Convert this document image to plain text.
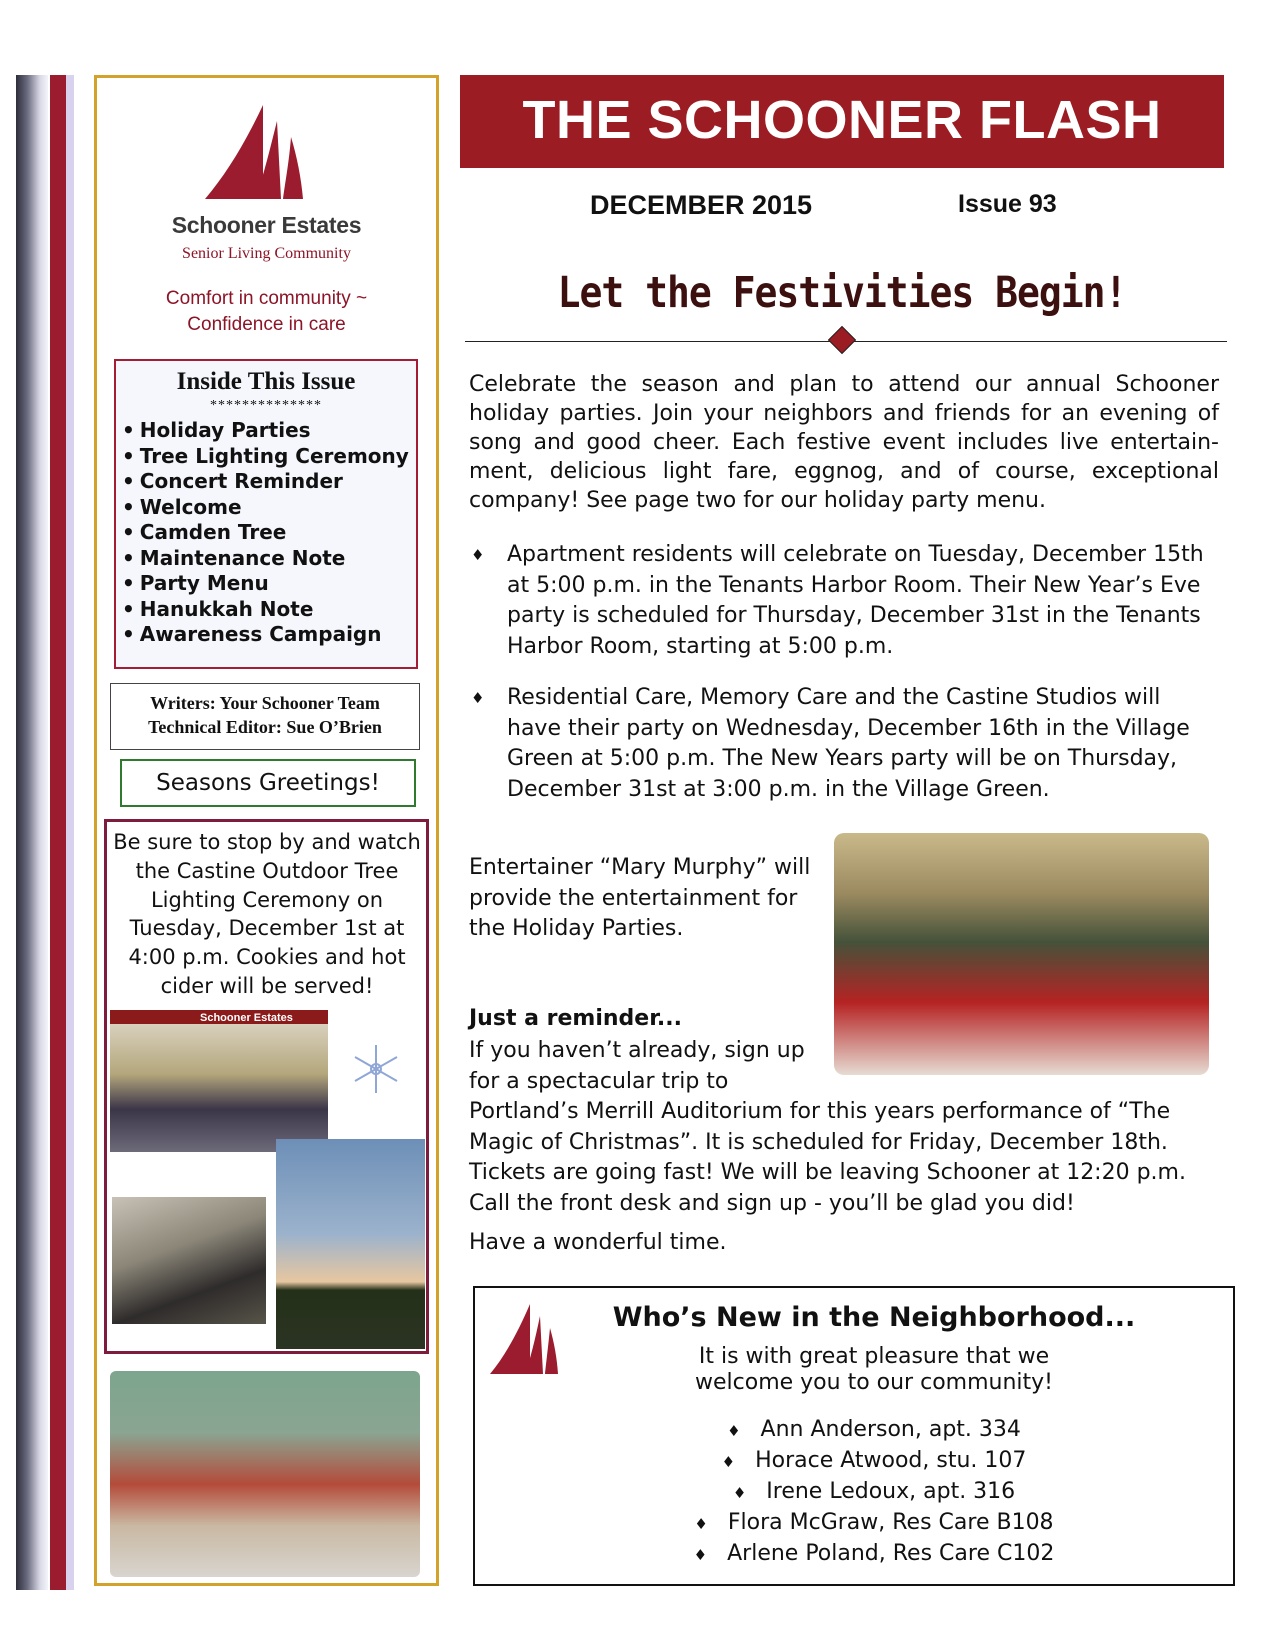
Schooner Estates
Senior Living Community
Comfort in community ~
Confidence in care
Inside This Issue
**************
• Holiday Parties
• Tree Lighting Ceremony
• Concert Reminder
• Welcome
• Camden Tree
• Maintenance Note
• Party Menu
• Hanukkah Note
• Awareness Campaign
Writers: Your Schooner Team
Technical Editor: Sue O’Brien
Seasons Greetings!
Be sure to stop by and watch the Castine Outdoor Tree Lighting Ceremony on Tuesday, December 1st at 4:00 p.m. Cookies and hot cider will be served!
Schooner Estates
THE SCHOONER FLASH
DECEMBER 2015	Issue 93
Let the Festivities Begin!
Celebrate the season and plan to attend our annual Schooner holiday parties. Join your neighbors and friends for an evening of song and good cheer. Each festive event includes live entertain-ment, delicious light fare, eggnog, and of course, exceptional company! See page two for our holiday party menu.
♦ Apartment residents will celebrate on Tuesday, December 15th at 5:00 p.m. in the Tenants Harbor Room. Their New Year’s Eve party is scheduled for Thursday, December 31st in the Tenants Harbor Room, starting at 5:00 p.m.
♦ Residential Care, Memory Care and the Castine Studios will have their party on Wednesday, December 16th in the Village Green at 5:00 p.m. The New Years party will be on Thursday, December 31st at 3:00 p.m. in the Village Green.
Entertainer “Mary Murphy” will provide the entertainment for the Holiday Parties.
Just a reminder...
If you haven’t already, sign up
for a spectacular trip to
Portland’s Merrill Auditorium for this years performance of “The
Magic of Christmas”. It is scheduled for Friday, December 18th.
Tickets are going fast! We will be leaving Schooner at 12:20 p.m.
Call the front desk and sign up - you’ll be glad you did!
Have a wonderful time.
Who’s New in the Neighborhood...
It is with great pleasure that we
welcome you to our community!
♦ Ann Anderson, apt. 334
♦ Horace Atwood, stu. 107
♦ Irene Ledoux, apt. 316
♦ Flora McGraw, Res Care B108
♦ Arlene Poland, Res Care C102
